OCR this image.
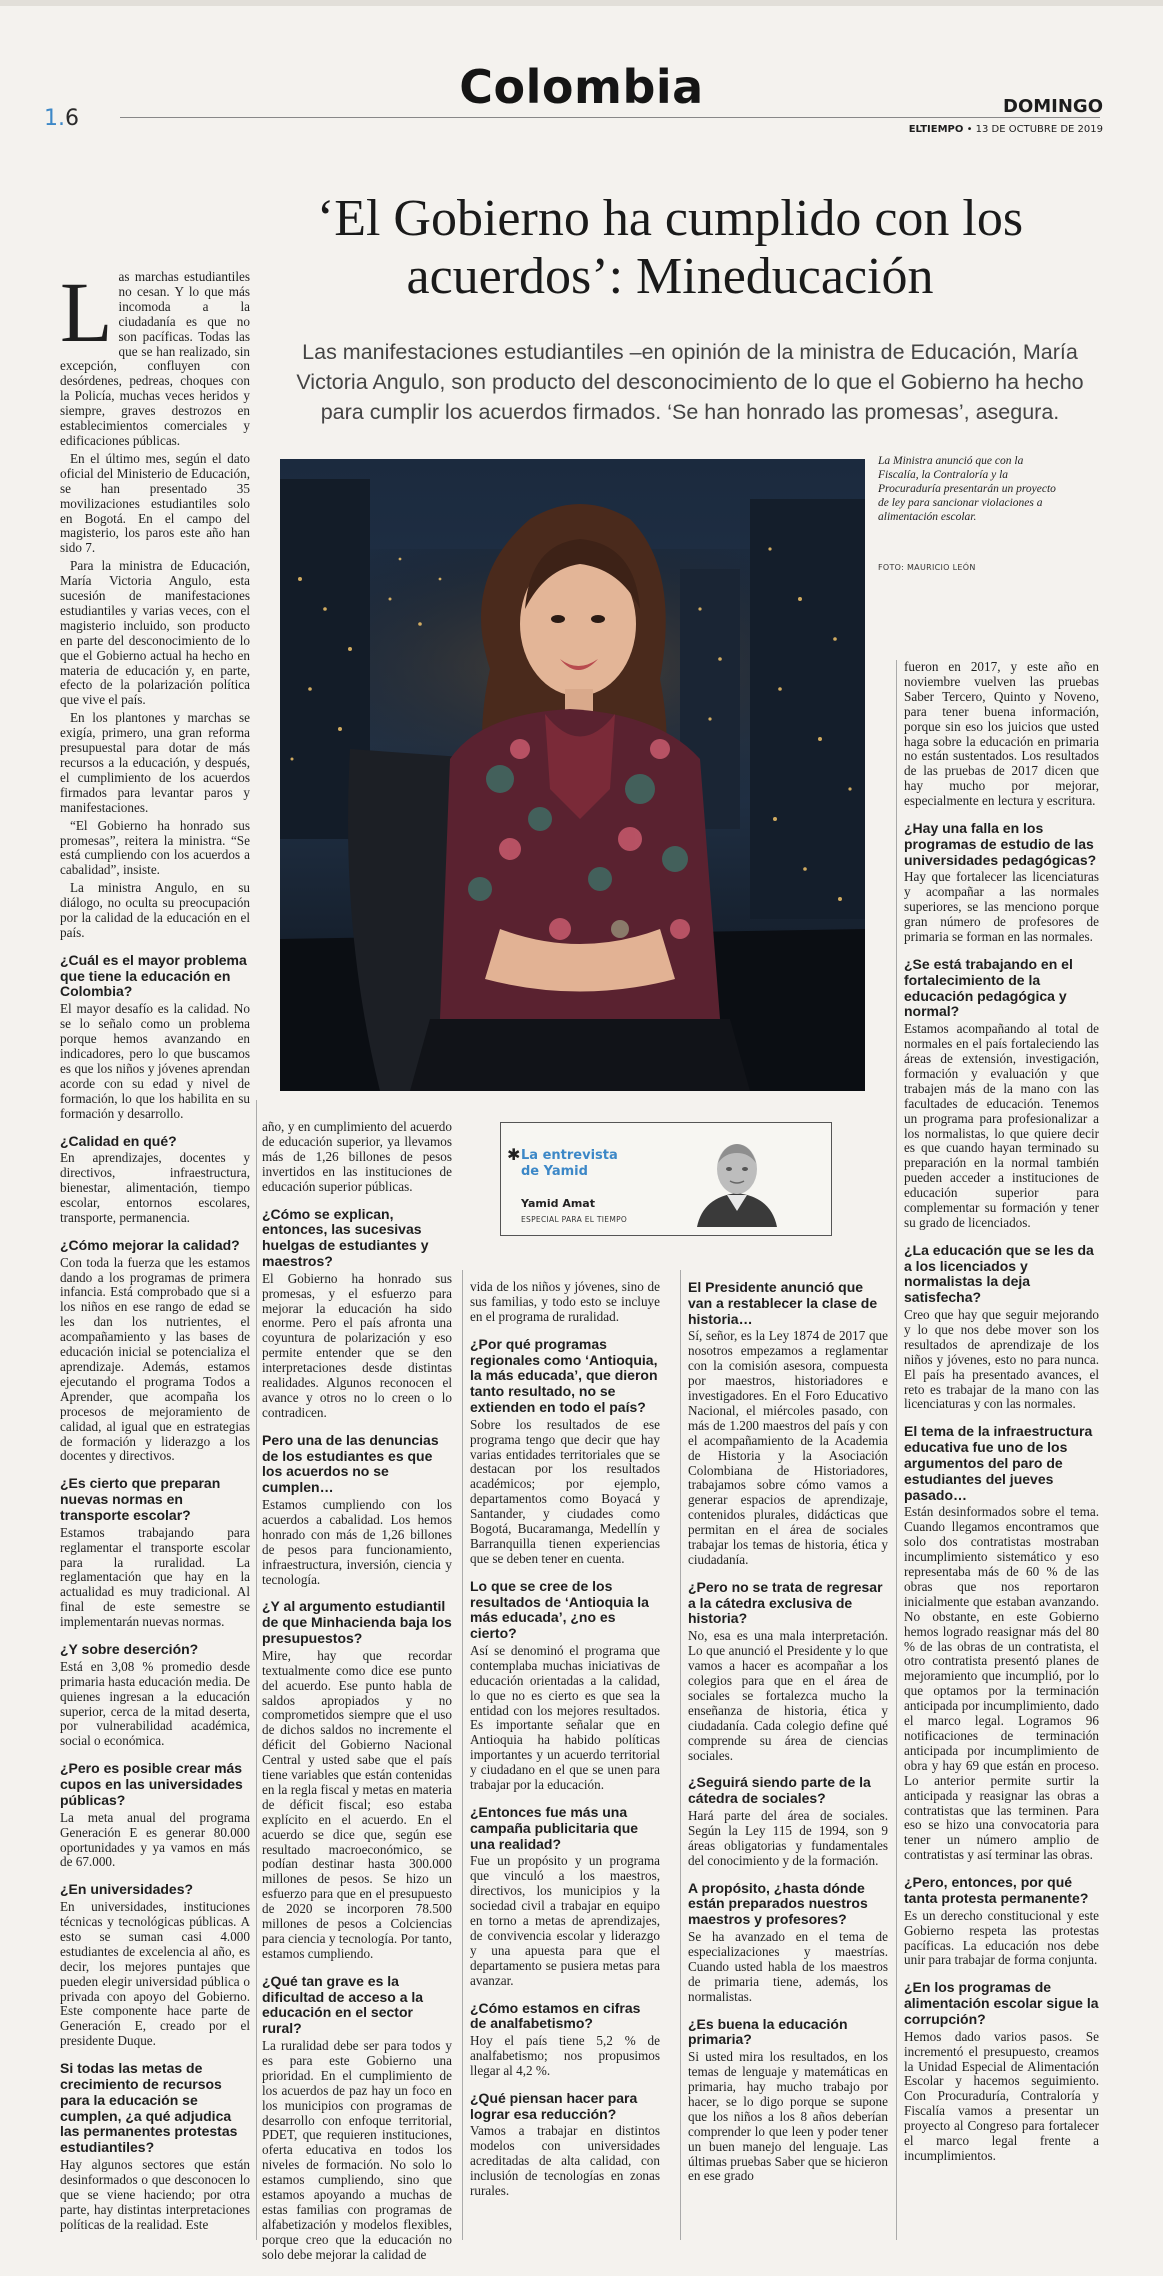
1.6
Colombia	DOMINGO
ELTIEMPO • 13 DE OCTUBRE DE 2019
‘El Gobierno ha cumplido con los acuerdos’: Mineducación
Las manifestaciones estudiantiles –en opinión de la ministra de Educación, María Victoria Angulo, son producto del desconocimiento de lo que el Gobierno ha hecho para cumplir los acuerdos firmados. ‘Se han honrado las promesas’, asegura.
La Ministra anunció que con la Fiscalía, la Contraloría y la Procuraduría presentarán un proyecto de ley para sancionar violaciones a alimentación escolar.
FOTO: MAURICIO LEÓN

Las marchas estudiantiles no cesan. Y lo que más incomoda a la ciudadanía es que no son pacíficas. Todas las que se han realizado, sin excepción, confluyen con desórdenes, pedreas, choques con la Policía, muchas veces heridos y siempre, graves destrozos en establecimientos comerciales y edificaciones públicas.

En el último mes, según el dato oficial del Ministerio de Educación, se han presentado 35 movilizaciones estudiantiles solo en Bogotá. En el campo del magisterio, los paros este año han sido 7.

Para la ministra de Educación, María Victoria Angulo, esta sucesión de manifestaciones estudiantiles y varias veces, con el magisterio incluido, son producto en parte del desconocimiento de lo que el Gobierno actual ha hecho en materia de educación y, en parte, efecto de la polarización política que vive el país.

En los plantones y marchas se exigía, primero, una gran reforma presupuestal para dotar de más recursos a la educación, y después, el cumplimiento de los acuerdos firmados para levantar paros y manifestaciones.

“El Gobierno ha honrado sus promesas”, reitera la ministra. “Se está cumpliendo con los acuerdos a cabalidad”, insiste.

La ministra Angulo, en su diálogo, no oculta su preocupación por la calidad de la educación en el país.

¿Cuál es el mayor problema que tiene la educación en Colombia?

El mayor desafío es la calidad. No se lo señalo como un problema porque hemos avanzando en indicadores, pero lo que buscamos es que los niños y jóvenes aprendan acorde con su edad y nivel de formación, lo que los habilita en su formación y desarrollo.

¿Calidad en qué?

En aprendizajes, docentes y directivos, infraestructura, bienestar, alimentación, tiempo escolar, entornos escolares, transporte, permanencia.

¿Cómo mejorar la calidad?

Con toda la fuerza que les estamos dando a los programas de primera infancia. Está comprobado que si a los niños en ese rango de edad se les dan los nutrientes, el acompañamiento y las bases de educación inicial se potencializa el aprendizaje. Además, estamos ejecutando el programa Todos a Aprender, que acompaña los procesos de mejoramiento de calidad, al igual que en estrategias de formación y liderazgo a los docentes y directivos.

¿Es cierto que preparan nuevas normas en transporte escolar?

Estamos trabajando para reglamentar el transporte escolar para la ruralidad. La reglamentación que hay en la actualidad es muy tradicional. Al final de este semestre se implementarán nuevas normas.

¿Y sobre deserción?

Está en 3,08 % promedio desde primaria hasta educación media. De quienes ingresan a la educación superior, cerca de la mitad deserta, por vulnerabilidad académica, social o económica.

¿Pero es posible crear más cupos en las universidades públicas?

La meta anual del programa Generación E es generar 80.000 oportunidades y ya vamos en más de 67.000.

¿En universidades?

En universidades, instituciones técnicas y tecnológicas públicas. A esto se suman casi 4.000 estudiantes de excelencia al año, es decir, los mejores puntajes que pueden elegir universidad pública o privada con apoyo del Gobierno. Este componente hace parte de Generación E, creado por el presidente Duque.

Si todas las metas de crecimiento de recursos para la educación se cumplen, ¿a qué adjudica las permanentes protestas estudiantiles?

Hay algunos sectores que están desinformados o que desconocen lo que se viene haciendo; por otra parte, hay distintas interpretaciones políticas de la realidad. Este

✱ La entrevista
de Yamid
Yamid Amat
ESPECIAL PARA EL TIEMPO

año, y en cumplimiento del acuerdo de educación superior, ya llevamos más de 1,26 billones de pesos invertidos en las instituciones de educación superior públicas.

¿Cómo se explican, entonces, las sucesivas huelgas de estudiantes y maestros?

El Gobierno ha honrado sus promesas, y el esfuerzo para mejorar la educación ha sido enorme. Pero el país afronta una coyuntura de polarización y eso permite entender que se den interpretaciones desde distintas realidades. Algunos reconocen el avance y otros no lo creen o lo contradicen.

Pero una de las denuncias de los estudiantes es que los acuerdos no se cumplen…

Estamos cumpliendo con los acuerdos a cabalidad. Los hemos honrado con más de 1,26 billones de pesos para funcionamiento, infraestructura, inversión, ciencia y tecnología.

¿Y al argumento estudiantil de que Minhacienda baja los presupuestos?

Mire, hay que recordar textualmente como dice ese punto del acuerdo. Ese punto habla de saldos apropiados y no comprometidos siempre que el uso de dichos saldos no incremente el déficit del Gobierno Nacional Central y usted sabe que el país tiene variables que están contenidas en la regla fiscal y metas en materia de déficit fiscal; eso estaba explícito en el acuerdo. En el acuerdo se dice que, según ese resultado macroeconómico, se podían destinar hasta 300.000 millones de pesos. Se hizo un esfuerzo para que en el presupuesto de 2020 se incorporen 78.500 millones de pesos a Colciencias para ciencia y tecnología. Por tanto, estamos cumpliendo.

¿Qué tan grave es la dificultad de acceso a la educación en el sector rural?

La ruralidad debe ser para todos y es para este Gobierno una prioridad. En el cumplimiento de los acuerdos de paz hay un foco en los municipios con programas de desarrollo con enfoque territorial, PDET, que requieren instituciones, oferta educativa en todos los niveles de formación. No solo lo estamos cumpliendo, sino que estamos apoyando a muchas de estas familias con programas de alfabetización y modelos flexibles, porque creo que la educación no solo debe mejorar la calidad de

vida de los niños y jóvenes, sino de sus familias, y todo esto se incluye en el programa de ruralidad.

¿Por qué programas regionales como ‘Antioquia, la más educada’, que dieron tanto resultado, no se extienden en todo el país?

Sobre los resultados de ese programa tengo que decir que hay varias entidades territoriales que se destacan por los resultados académicos; por ejemplo, departamentos como Boyacá y Santander, y ciudades como Bogotá, Bucaramanga, Medellín y Barranquilla tienen experiencias que se deben tener en cuenta.

Lo que se cree de los resultados de ‘Antioquia la más educada’, ¿no es cierto?

Así se denominó el programa que contemplaba muchas iniciativas de educación orientadas a la calidad, lo que no es cierto es que sea la entidad con los mejores resultados. Es importante señalar que en Antioquia ha habido políticas importantes y un acuerdo territorial y ciudadano en el que se unen para trabajar por la educación.

¿Entonces fue más una campaña publicitaria que una realidad?

Fue un propósito y un programa que vinculó a los maestros, directivos, los municipios y la sociedad civil a trabajar en equipo en torno a metas de aprendizajes, de convivencia escolar y liderazgo y una apuesta para que el departamento se pusiera metas para avanzar.

¿Cómo estamos en cifras de analfabetismo?

Hoy el país tiene 5,2 % de analfabetismo; nos propusimos llegar al 4,2 %.

¿Qué piensan hacer para lograr esa reducción?

Vamos a trabajar en distintos modelos con universidades acreditadas de alta calidad, con inclusión de tecnologías en zonas rurales.

El Presidente anunció que van a restablecer la clase de historia…

Sí, señor, es la Ley 1874 de 2017 que nosotros empezamos a reglamentar con la comisión asesora, compuesta por maestros, historiadores e investigadores. En el Foro Educativo Nacional, el miércoles pasado, con más de 1.200 maestros del país y con el acompañamiento de la Academia de Historia y la Asociación Colombiana de Historiadores, trabajamos sobre cómo vamos a generar espacios de aprendizaje, contenidos plurales, didácticas que permitan en el área de sociales trabajar los temas de historia, ética y ciudadanía.

¿Pero no se trata de regresar a la cátedra exclusiva de historia?

No, esa es una mala interpretación. Lo que anunció el Presidente y lo que vamos a hacer es acompañar a los colegios para que en el área de sociales se fortalezca mucho la enseñanza de historia, ética y ciudadanía. Cada colegio define qué comprende su área de ciencias sociales.

¿Seguirá siendo parte de la cátedra de sociales?

Hará parte del área de sociales. Según la Ley 115 de 1994, son 9 áreas obligatorias y fundamentales del conocimiento y de la formación.

A propósito, ¿hasta dónde están preparados nuestros maestros y profesores?

Se ha avanzado en el tema de especializaciones y maestrías. Cuando usted habla de los maestros de primaria tiene, además, los normalistas.

¿Es buena la educación primaria?

Si usted mira los resultados, en los temas de lenguaje y matemáticas en primaria, hay mucho trabajo por hacer, se lo digo porque se supone que los niños a los 8 años deberían comprender lo que leen y poder tener un buen manejo del lenguaje. Las últimas pruebas Saber que se hicieron en ese grado

fueron en 2017, y este año en noviembre vuelven las pruebas Saber Tercero, Quinto y Noveno, para tener buena información, porque sin eso los juicios que usted haga sobre la educación en primaria no están sustentados. Los resultados de las pruebas de 2017 dicen que hay mucho por mejorar, especialmente en lectura y escritura.

¿Hay una falla en los programas de estudio de las universidades pedagógicas?

Hay que fortalecer las licenciaturas y acompañar a las normales superiores, se las menciono porque gran número de profesores de primaria se forman en las normales.

¿Se está trabajando en el fortalecimiento de la educación pedagógica y normal?

Estamos acompañando al total de normales en el país fortaleciendo las áreas de extensión, investigación, formación y evaluación y que trabajen más de la mano con las facultades de educación. Tenemos un programa para profesionalizar a los normalistas, lo que quiere decir es que cuando hayan terminado su preparación en la normal también pueden acceder a instituciones de educación superior para complementar su formación y tener su grado de licenciados.

¿La educación que se les da a los licenciados y normalistas la deja satisfecha?

Creo que hay que seguir mejorando y lo que nos debe mover son los resultados de aprendizaje de los niños y jóvenes, esto no para nunca. El país ha presentado avances, el reto es trabajar de la mano con las licenciaturas y con las normales.

El tema de la infraestructura educativa fue uno de los argumentos del paro de estudiantes del jueves pasado…

Están desinformados sobre el tema. Cuando llegamos encontramos que solo dos contratistas mostraban incumplimiento sistemático y eso representaba más de 60 % de las obras que nos reportaron inicialmente que estaban avanzando. No obstante, en este Gobierno hemos logrado reasignar más del 80 % de las obras de un contratista, el otro contratista presentó planes de mejoramiento que incumplió, por lo que optamos por la terminación anticipada por incumplimiento, dado el marco legal. Logramos 96 notificaciones de terminación anticipada por incumplimiento de obra y hay 69 que están en proceso. Lo anterior permite surtir la anticipada y reasignar las obras a contratistas que las terminen. Para eso se hizo una convocatoria para tener un número amplio de contratistas y así terminar las obras.

¿Pero, entonces, por qué tanta protesta permanente?

Es un derecho constitucional y este Gobierno respeta las protestas pacíficas. La educación nos debe unir para trabajar de forma conjunta.

¿En los programas de alimentación escolar sigue la corrupción?

Hemos dado varios pasos. Se incrementó el presupuesto, creamos la Unidad Especial de Alimentación Escolar y hacemos seguimiento. Con Procuraduría, Contraloría y Fiscalía vamos a presentar un proyecto al Congreso para fortalecer el marco legal frente a incumplimientos.
